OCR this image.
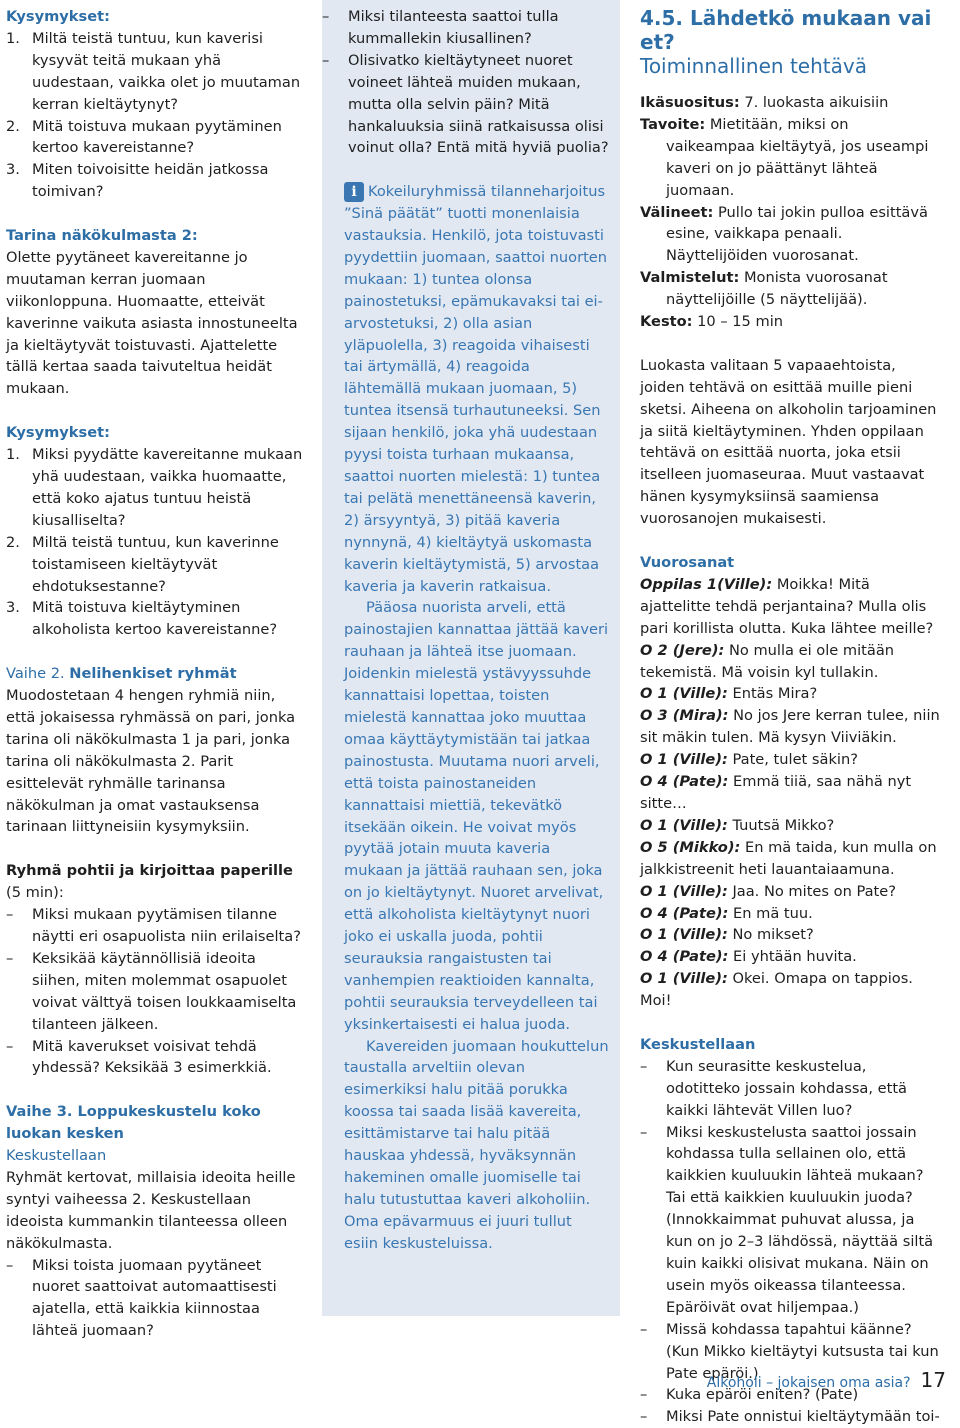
Kysymykset:

1. Miltä teistä tuntuu, kun kaverisi kysyvät teitä mukaan yhä uudestaan, vaikka olet jo muutaman kerran kieltäytynyt?
2. Mitä toistuva mukaan pyytäminen kertoo kavereistanne?
3. Miten toivoisitte heidän jatkossa toimivan?

Tarina näkökulmasta 2:

Olette pyytäneet kavereitanne jo muutaman kerran juomaan viikonloppuna. Huomaatte, etteivät kaverinne vaikuta asiasta innostuneelta ja kieltäytyvät toistuvasti. Ajattelette tällä kertaa saada taivuteltua heidät mukaan.

Kysymykset:

1. Miksi pyydätte kavereitanne mukaan yhä uudestaan, vaikka huomaatte, että koko ajatus tuntuu heistä kiusalliselta?
2. Miltä teistä tuntuu, kun kaverinne toistamiseen kieltäytyvät ehdotuksestanne?
3. Mitä toistuva kieltäytyminen alkoholista kertoo kavereistanne?

Vaihe 2. Nelihenkiset ryhmät

Muodostetaan 4 hengen ryhmiä niin, että jokaisessa ryhmässä on pari, jonka tarina oli näkökulmasta 1 ja pari, jonka tarina oli näkökulmasta 2. Parit esittelevät ryhmälle tarinansa näkökulman ja omat vastauksensa tarinaan liittyneisiin kysymyksiin.

Ryhmä pohtii ja kirjoittaa paperille

(5 min):

–	Miksi mukaan pyytämisen tilanne näytti eri osapuolista niin erilaiselta?
–	Keksikää käytännöllisiä ideoita siihen, miten molemmat osapuolet voivat välttyä toisen loukkaamiselta tilanteen jälkeen.
–	Mitä kaverukset voisivat tehdä yhdessä? Keksikää 3 esimerkkiä.

Vaihe 3. Loppukeskustelu koko luokan kesken

Keskustellaan

Ryhmät kertovat, millaisia ideoita heille syntyi vaiheessa 2. Keskustellaan ideoista kummankin tilanteessa olleen näkökulmasta.

–	Miksi toista juomaan pyytäneet nuoret saattoivat automaattisesti ajatella, että kaikkia kiinnostaa lähteä juomaan?
–	Miksi tilanteesta saattoi tulla kummallekin kiusallinen?
–	Olisivatko kieltäytyneet nuoret voineet lähteä muiden mukaan, mutta olla selvin päin? Mitä hankaluuksia siinä ratkaisussa olisi voinut olla? Entä mitä hyviä puolia?

i Kokeiluryhmissä tilanneharjoitus ”Sinä päätät” tuotti monenlaisia vastauksia. Henkilö, jota toistuvasti pyydettiin juomaan, saattoi nuorten mukaan: 1) tuntea olonsa painostetuksi, epämukavaksi tai ei-arvostetuksi, 2) olla asian yläpuolella, 3) reagoida vihaisesti tai ärtymällä, 4) reagoida lähtemällä mukaan juomaan, 5) tuntea itsensä turhautuneeksi. Sen sijaan henkilö, joka yhä uudestaan pyysi toista turhaan mukaansa, saattoi nuorten mielestä: 1) tuntea tai pelätä menettäneensä kaverin, 2) ärsyyntyä, 3) pitää kaveria nynnynä, 4) kieltäytyä uskomasta kaverin kieltäytymistä, 5) arvostaa kaveria ja kaverin ratkaisua.

Pääosa nuorista arveli, että painostajien kannattaa jättää kaveri rauhaan ja lähteä itse juomaan. Joidenkin mielestä ystävyyssuhde kannattaisi lopettaa, toisten mielestä kannattaa joko muuttaa omaa käyttäytymistään tai jatkaa painostusta. Muutama nuori arveli, että toista painostaneiden kannattaisi miettiä, tekevätkö itsekään oikein. He voivat myös pyytää jotain muuta kaveria mukaan ja jättää rauhaan sen, joka on jo kieltäytynyt. Nuoret arvelivat, että alkoholista kieltäytynyt nuori joko ei uskalla juoda, pohtii seurauksia rangaistusten tai vanhempien reaktioiden kannalta, pohtii seurauksia terveydelleen tai yksinkertaisesti ei halua juoda.

Kavereiden juomaan houkuttelun taustalla arveltiin olevan esimerkiksi halu pitää porukka koossa tai saada lisää kavereita, esittämistarve tai halu pitää hauskaa yhdessä, hyväksynnän hakeminen omalle juomiselle tai halu tutustuttaa kaveri alkoholiin. Oma epävarmuus ei juuri tullut esiin keskusteluissa.

4.5. Lähdetkö mukaan vai et?

Toiminnallinen tehtävä

Ikäsuositus: 7. luokasta aikuisiin

Tavoite: Mietitään, miksi on vaikeampaa kieltäytyä, jos useampi kaveri on jo päättänyt lähteä juomaan.

Välineet: Pullo tai jokin pulloa esittävä esine, vaikkapa penaali. Näyttelijöiden vuorosanat.

Valmistelut: Monista vuorosanat näyttelijöille (5 näyttelijää).

Kesto: 10 – 15 min

Luokasta valitaan 5 vapaaehtoista, joiden tehtävä on esittää muille pieni sketsi. Aiheena on alkoholin tarjoaminen ja siitä kieltäytyminen. Yhden oppilaan tehtävä on esittää nuorta, joka etsii itselleen juomaseuraa. Muut vastaavat hänen kysymyksiinsä saamiensa vuorosanojen mukaisesti.

Vuorosanat

Oppilas 1(Ville): Moikka! Mitä ajattelitte tehdä perjantaina? Mulla olis pari korillista olutta. Kuka lähtee meille?

O 2 (Jere): No mulla ei ole mitään tekemistä. Mä voisin kyl tullakin.

O 1 (Ville): Entäs Mira?

O 3 (Mira): No jos Jere kerran tulee, niin sit mäkin tulen. Mä kysyn Viiviäkin.

O 1 (Ville): Pate, tulet säkin?

O 4 (Pate): Emmä tiiä, saa nähä nyt sitte…

O 1 (Ville): Tuutsä Mikko?

O 5 (Mikko): En mä taida, kun mulla on jalkkistreenit heti lauantaiaamuna.

O 1 (Ville): Jaa. No mites on Pate?

O 4 (Pate): En mä tuu.

O 1 (Ville): No mikset?

O 4 (Pate): Ei yhtään huvita.

O 1 (Ville): Okei. Omapa on tappios. Moi!

Keskustellaan

–	Kun seurasitte keskustelua, odotitteko jossain kohdassa, että kaikki lähtevät Villen luo?
–	Miksi keskustelusta saattoi jossain kohdassa tulla sellainen olo, että kaikkien kuuluukin lähteä mukaan? Tai että kaikkien kuuluukin juoda? (Innokkaimmat puhuvat alussa, ja kun on jo 2–3 lähdössä, näyttää siltä kuin kaikki olisivat mukana. Näin on usein myös oikeassa tilanteessa. Epäröivät ovat hiljempaa.)
–	Missä kohdassa tapahtui käänne? (Kun Mikko kieltäytyi kutsusta tai kun Pate epäröi.)
–	Kuka epäröi eniten? (Pate)
–	Miksi Pate onnistui kieltäytymään toi-
Alkoholi – jokaisen oma asia? 17
